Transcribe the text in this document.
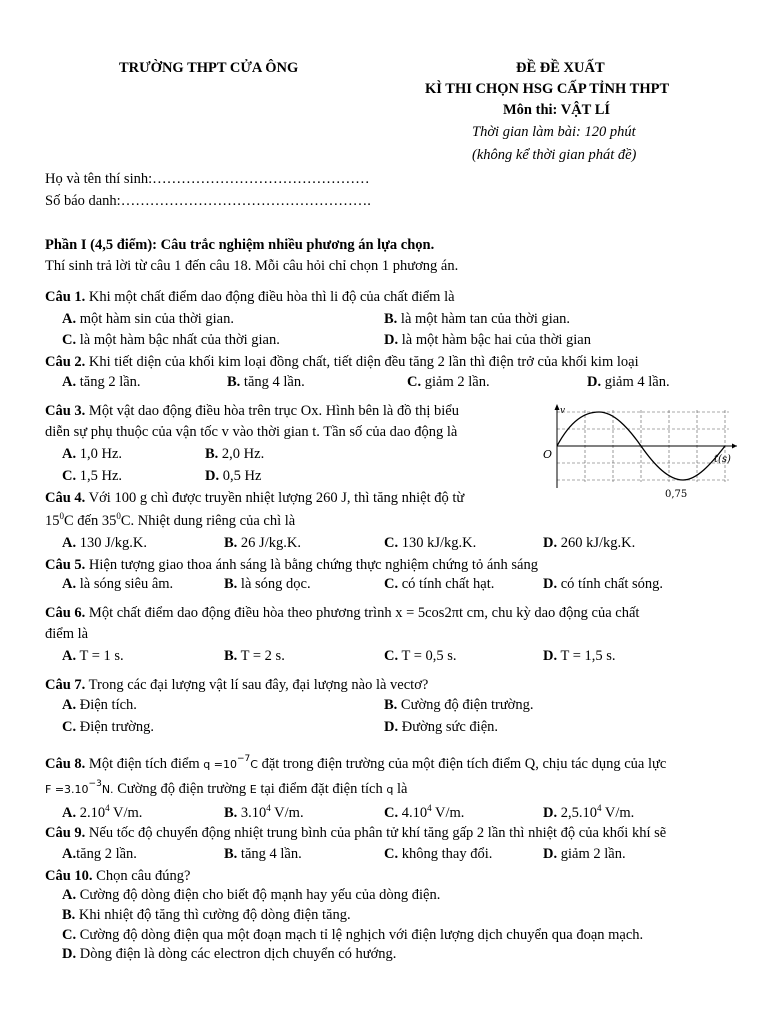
TRƯỜNG THPT CỬA ÔNG	ĐỀ ĐỀ XUẤT
KÌ THI CHỌN HSG CẤP TỈNH THPT
Môn thi: VẬT LÍ
Thời gian làm bài: 120 phút
(không kể thời gian phát đề)
Họ và tên thí sinh:………………………………………
Số báo danh:…………………………………………….
Phần I (4,5 điểm): Câu trắc nghiệm nhiều phương án lựa chọn.
Thí sinh trả lời từ câu 1 đến câu 18. Mỗi câu hỏi chỉ chọn 1 phương án.
Câu 1. Khi một chất điểm dao động điều hòa thì li độ của chất điểm là
A. một hàm sin của thời gian.	B. là một hàm tan của thời gian.
C. là một hàm bậc nhất của thời gian.	D. là một hàm bậc hai của thời gian
Câu 2. Khi tiết diện của khối kim loại đồng chất, tiết diện đều tăng 2 lần thì điện trở của khối kim loại
A. tăng 2 lần.	B. tăng 4 lần.	C. giảm 2 lần.	D. giảm 4 lần.
Câu 3. Một vật dao động điều hòa trên trục Ox. Hình bên là đồ thị biểu
diễn sự phụ thuộc của vận tốc v vào thời gian t. Tần số của dao động là
A. 1,0 Hz.	B. 2,0 Hz.
C. 1,5 Hz.	D. 0,5 Hz
v
O	t(s)
0,75
Câu 4. Với 100 g chì được truyền nhiệt lượng 260 J, thì tăng nhiệt độ từ
$15^0C$ đến $35^0C$. Nhiệt dung riêng của chì là
A. 130 J/kg.K.	B. 26 J/kg.K.	C. 130 kJ/kg.K.	D. 260 kJ/kg.K.
Câu 5. Hiện tượng giao thoa ánh sáng là bằng chứng thực nghiệm chứng tỏ ánh sáng
A. là sóng siêu âm.	B. là sóng dọc.	C. có tính chất hạt.	D. có tính chất sóng.
Câu 6. Một chất điểm dao động điều hòa theo phương trình x = 5cos2πt cm, chu kỳ dao động của chất
điểm là
A. T = 1 s.	B. T = 2 s.	C. T = 0,5 s.	D. T = 1,5 s.
Câu 7. Trong các đại lượng vật lí sau đây, đại lượng nào là vectơ?
A. Điện tích.	B. Cường độ điện trường.
C. Điện trường.	D. Đường sức điện.
Câu 8. Một điện tích điểm $q =10^{-7}C$ đặt trong điện trường của một điện tích điểm Q, chịu tác dụng của lực
$F =3.10^{-3}N$. Cường độ điện trường E tại điểm đặt điện tích q là
A. 2.10$^4$ V/m.	B. 3.10$^4$ V/m.	C. 4.10$^4$ V/m.	D. 2,5.10$^4$ V/m.
Câu 9. Nếu tốc độ chuyển động nhiệt trung bình của phân tử khí tăng gấp 2 lần thì nhiệt độ của khối khí sẽ
A.tăng 2 lần.	B. tăng 4 lần.	C. không thay đổi.	D. giảm 2 lần.
Câu 10. Chọn câu đúng?
A. Cường độ dòng điện cho biết độ mạnh hay yếu của dòng điện.
B. Khi nhiệt độ tăng thì cường độ dòng điện tăng.
C. Cường độ dòng điện qua một đoạn mạch tỉ lệ nghịch với điện lượng dịch chuyển qua đoạn mạch.
D. Dòng điện là dòng các electron dịch chuyển có hướng.
